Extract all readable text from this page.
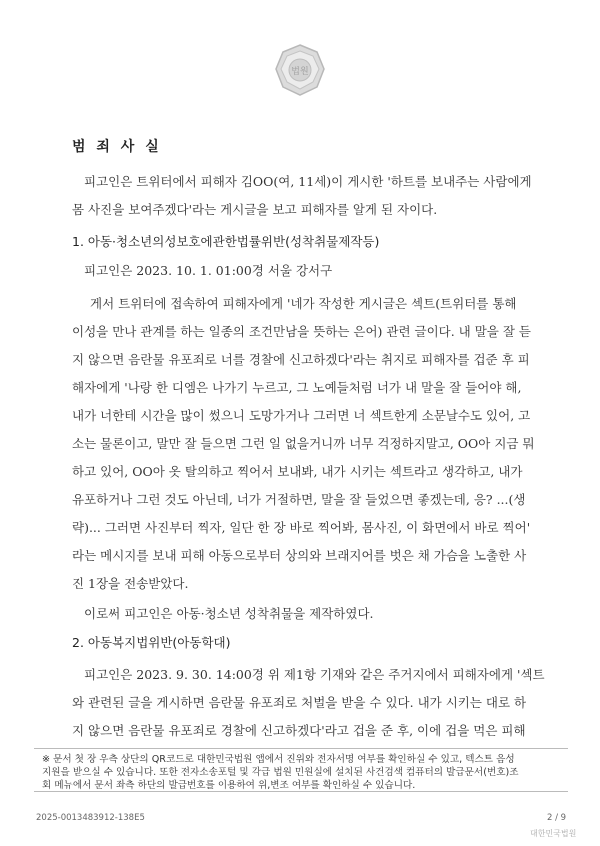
법원
범 죄 사 실
피고인은 트위터에서 피해자 김OO(여, 11세)이 게시한 '하트를 보내주는 사람에게
몸 사진을 보여주겠다'라는 게시글을 보고 피해자를 알게 된 자이다.
1. 아동·청소년의성보호에관한법률위반(성착취물제작등)
피고인은 2023. 10. 1. 01:00경 서울 강서구
게서 트위터에 접속하여 피해자에게 '네가 작성한 게시글은 섹트(트위터를 통해
이성을 만나 관계를 하는 일종의 조건만남을 뜻하는 은어) 관련 글이다. 내 말을 잘 듣
지 않으면 음란물 유포죄로 너를 경찰에 신고하겠다'라는 취지로 피해자를 겁준 후 피
해자에게 '나랑 한 디엠은 나가기 누르고, 그 노예들처럼 너가 내 말을 잘 들어야 해,
내가 너한테 시간을 많이 썼으니 도망가거나 그러면 너 섹트한게 소문날수도 있어, 고
소는 물론이고, 말만 잘 들으면 그런 일 없을거니까 너무 걱정하지말고, OO아 지금 뭐
하고 있어, OO아 옷 탈의하고 찍어서 보내봐, 내가 시키는 섹트라고 생각하고, 내가
유포하거나 그런 것도 아닌데, 너가 거절하면, 말을 잘 들었으면 좋겠는데, 응? ...(생
략)... 그러면 사진부터 찍자, 일단 한 장 바로 찍어봐, 몸사진, 이 화면에서 바로 찍어'
라는 메시지를 보내 피해 아동으로부터 상의와 브래지어를 벗은 채 가슴을 노출한 사
진 1장을 전송받았다.
이로써 피고인은 아동·청소년 성착취물을 제작하였다.
2. 아동복지법위반(아동학대)
피고인은 2023. 9. 30. 14:00경 위 제1항 기재와 같은 주거지에서 피해자에게 '섹트
와 관련된 글을 게시하면 음란물 유포죄로 처벌을 받을 수 있다. 내가 시키는 대로 하
지 않으면 음란물 유포죄로 경찰에 신고하겠다'라고 겁을 준 후, 이에 겁을 먹은 피해
※ 문서 첫 장 우측 상단의 QR코드로 대한민국법원 앱에서 진위와 전자서명 여부를 확인하실 수 있고, 텍스트 음성
지원을 받으실 수 있습니다. 또한 전자소송포털 및 각급 법원 민원실에 설치된 사건검색 컴퓨터의 발급문서(번호)조
회 메뉴에서 문서 좌측 하단의 발급번호를 이용하여 위,변조 여부를 확인하실 수 있습니다.
2025-0013483912-138E5	2 / 9
대한민국법원
